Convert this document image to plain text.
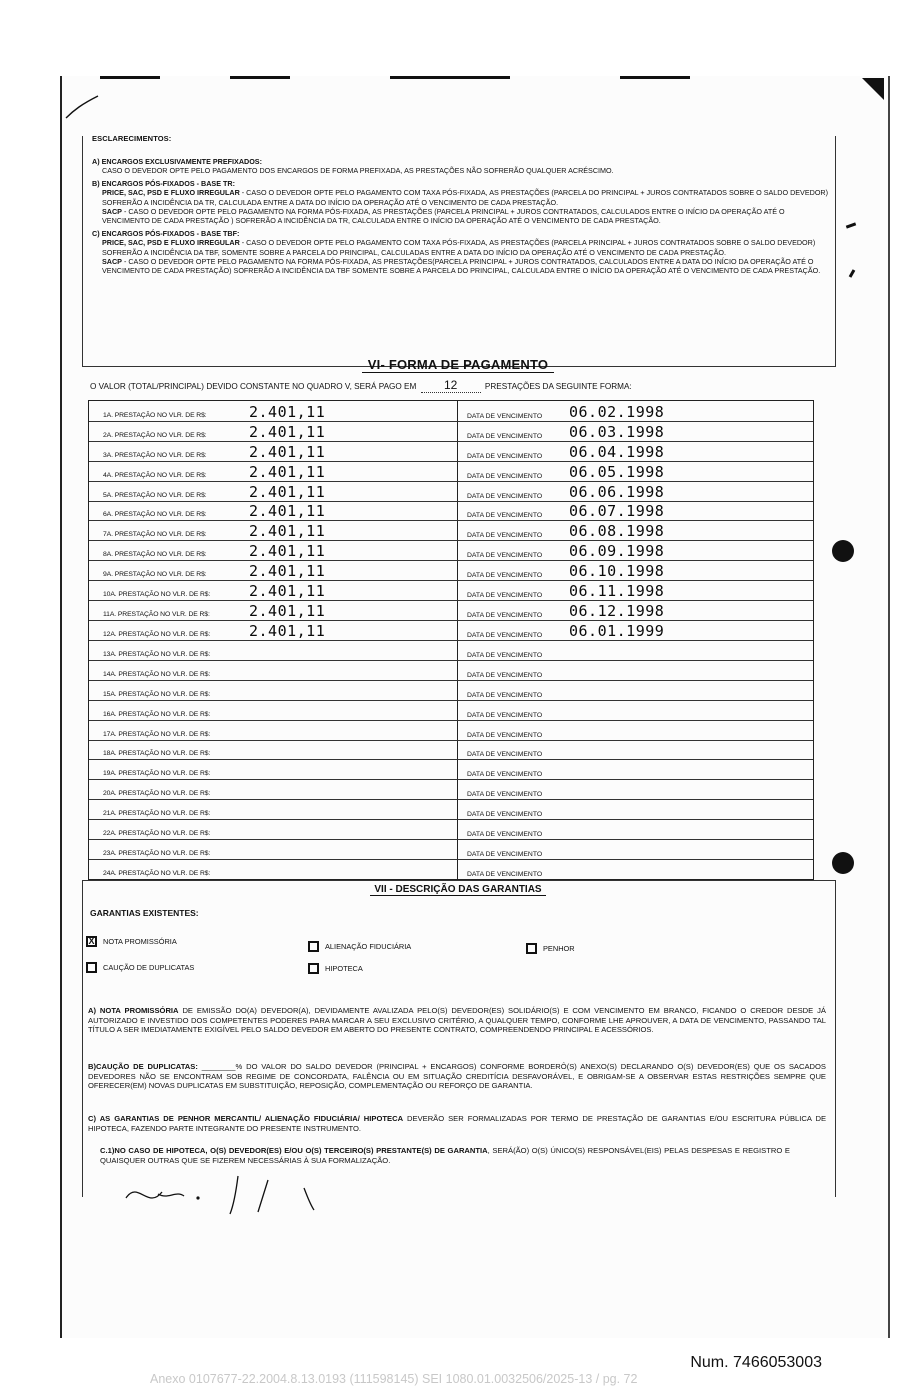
ESCLARECIMENTOS:
A) ENCARGOS EXCLUSIVAMENTE PREFIXADOS:
CASO O DEVEDOR OPTE PELO PAGAMENTO DOS ENCARGOS DE FORMA PREFIXADA, AS PRESTAÇÕES NÃO SOFRERÃO QUALQUER ACRÉSCIMO.
B) ENCARGOS PÓS-FIXADOS - BASE TR:
PRICE, SAC, PSD E FLUXO IRREGULAR - CASO O DEVEDOR OPTE PELO PAGAMENTO COM TAXA PÓS-FIXADA, AS PRESTAÇÕES (PARCELA DO PRINCIPAL + JUROS CONTRATADOS SOBRE O SALDO DEVEDOR) SOFRERÃO A INCIDÊNCIA DA TR, CALCULADA ENTRE A DATA DO INÍCIO DA OPERAÇÃO ATÉ O VENCIMENTO DE CADA PRESTAÇÃO.
SACP - CASO O DEVEDOR OPTE PELO PAGAMENTO NA FORMA PÓS-FIXADA, AS PRESTAÇÕES (PARCELA PRINCIPAL + JUROS CONTRATADOS, CALCULADOS ENTRE O INÍCIO DA OPERAÇÃO ATÉ O VENCIMENTO DE CADA PRESTAÇÃO ) SOFRERÃO A INCIDÊNCIA DA TR, CALCULADA ENTRE O INÍCIO DA OPERAÇÃO ATÉ O VENCIMENTO DE CADA PRESTAÇÃO.
C) ENCARGOS PÓS-FIXADOS - BASE TBF:
PRICE, SAC, PSD E FLUXO IRREGULAR - CASO O DEVEDOR OPTE PELO PAGAMENTO COM TAXA PÓS-FIXADA, AS PRESTAÇÕES (PARCELA PRINCIPAL + JUROS CONTRATADOS SOBRE O SALDO DEVEDOR) SOFRERÃO A INCIDÊNCIA DA TBF, SOMENTE SOBRE A PARCELA DO PRINCIPAL, CALCULADAS ENTRE A DATA DO INÍCIO DA OPERAÇÃO ATÉ O VENCIMENTO DE CADA PRESTAÇÃO.
SACP - CASO O DEVEDOR OPTE PELO PAGAMENTO NA FORMA PÓS-FIXADA, AS PRESTAÇÕES(PARCELA PRINCIPAL + JUROS CONTRATADOS, CALCULADOS ENTRE A DATA DO INÍCIO DA OPERAÇÃO ATÉ O VENCIMENTO DE CADA PRESTAÇÃO) SOFRERÃO A INCIDÊNCIA DA TBF SOMENTE SOBRE A PARCELA DO PRINCIPAL, CALCULADA ENTRE O INÍCIO DA OPERAÇÃO ATÉ O VENCIMENTO DE CADA PRESTAÇÃO.
VI- FORMA DE PAGAMENTO
O VALOR (TOTAL/PRINCIPAL) DEVIDO CONSTANTE NO QUADRO V, SERÁ PAGO EM 12	PRESTAÇÕES DA SEGUINTE FORMA:
1A. PRESTAÇÃO NO VLR. DE R$:	2.401,11	DATA DE VENCIMENTO 06.02.1998
2A. PRESTAÇÃO NO VLR. DE R$:	2.401,11	DATA DE VENCIMENTO 06.03.1998
3A. PRESTAÇÃO NO VLR. DE R$:	2.401,11	DATA DE VENCIMENTO 06.04.1998
4A. PRESTAÇÃO NO VLR. DE R$:	2.401,11	DATA DE VENCIMENTO 06.05.1998
5A. PRESTAÇÃO NO VLR. DE R$:	2.401,11	DATA DE VENCIMENTO 06.06.1998
6A. PRESTAÇÃO NO VLR. DE R$:	2.401,11	DATA DE VENCIMENTO 06.07.1998
7A. PRESTAÇÃO NO VLR. DE R$:	2.401,11	DATA DE VENCIMENTO 06.08.1998
8A. PRESTAÇÃO NO VLR. DE R$:	2.401,11	DATA DE VENCIMENTO 06.09.1998
9A. PRESTAÇÃO NO VLR. DE R$:	2.401,11	DATA DE VENCIMENTO 06.10.1998
10A. PRESTAÇÃO NO VLR. DE R$:	2.401,11	DATA DE VENCIMENTO 06.11.1998
11A. PRESTAÇÃO NO VLR. DE R$:	2.401,11	DATA DE VENCIMENTO 06.12.1998
12A. PRESTAÇÃO NO VLR. DE R$:	2.401,11	DATA DE VENCIMENTO 06.01.1999
13A. PRESTAÇÃO NO VLR. DE R$:	DATA DE VENCIMENTO
14A. PRESTAÇÃO NO VLR. DE R$:	DATA DE VENCIMENTO
15A. PRESTAÇÃO NO VLR. DE R$:	DATA DE VENCIMENTO
16A. PRESTAÇÃO NO VLR. DE R$:	DATA DE VENCIMENTO
17A. PRESTAÇÃO NO VLR. DE R$:	DATA DE VENCIMENTO
18A. PRESTAÇÃO NO VLR. DE R$:	DATA DE VENCIMENTO
19A. PRESTAÇÃO NO VLR. DE R$:	DATA DE VENCIMENTO
20A. PRESTAÇÃO NO VLR. DE R$:	DATA DE VENCIMENTO
21A. PRESTAÇÃO NO VLR. DE R$:	DATA DE VENCIMENTO
22A. PRESTAÇÃO NO VLR. DE R$:	DATA DE VENCIMENTO
23A. PRESTAÇÃO NO VLR. DE R$:	DATA DE VENCIMENTO
24A. PRESTAÇÃO NO VLR. DE R$:	DATA DE VENCIMENTO
VII - DESCRIÇÃO DAS GARANTIAS
GARANTIAS EXISTENTES:
X	NOTA PROMISSÓRIA
ALIENAÇÃO FIDUCIÁRIA	PENHOR
CAUÇÃO DE DUPLICATAS	HIPOTECA
A) NOTA PROMISSÓRIA DE EMISSÃO DO(A) DEVEDOR(A), DEVIDAMENTE AVALIZADA PELO(S) DEVEDOR(ES) SOLIDÁRIO(S) E COM VENCIMENTO EM BRANCO, FICANDO O CREDOR DESDE JÁ AUTORIZADO E INVESTIDO DOS COMPETENTES PODERES PARA MARCAR A SEU EXCLUSIVO CRITÉRIO, A QUALQUER TEMPO, CONFORME LHE APROUVER, A DATA DE VENCIMENTO, PASSANDO TAL TÍTULO A SER IMEDIATAMENTE EXIGÍVEL PELO SALDO DEVEDOR EM ABERTO DO PRESENTE CONTRATO, COMPREENDENDO PRINCIPAL E ACESSÓRIOS.
B)CAUÇÃO DE DUPLICATAS: ________% DO VALOR DO SALDO DEVEDOR (PRINCIPAL + ENCARGOS) CONFORME BORDERÔ(S) ANEXO(S) DECLARANDO O(S) DEVEDOR(ES) QUE OS SACADOS DEVEDORES NÃO SE ENCONTRAM SOB REGIME DE CONCORDATA, FALÊNCIA OU EM SITUAÇÃO CREDITÍCIA DESFAVORÁVEL, E OBRIGAM-SE A OBSERVAR ESTAS RESTRIÇÕES SEMPRE QUE OFERECER(EM) NOVAS DUPLICATAS EM SUBSTITUIÇÃO, REPOSIÇÃO, COMPLEMENTAÇÃO OU REFORÇO DE GARANTIA.
C) AS GARANTIAS DE PENHOR MERCANTIL/ ALIENAÇÃO FIDUCIÁRIA/ HIPOTECA DEVERÃO SER FORMALIZADAS POR TERMO DE PRESTAÇÃO DE GARANTIAS E/OU ESCRITURA PÚBLICA DE HIPOTECA, FAZENDO PARTE INTEGRANTE DO PRESENTE INSTRUMENTO.
C.1)NO CASO DE HIPOTECA, O(S) DEVEDOR(ES) E/OU O(S) TERCEIRO(S) PRESTANTE(S) DE GARANTIA, SERÁ(ÃO) O(S) ÚNICO(S) RESPONSÁVEL(EIS) PELAS DESPESAS E REGISTRO E QUAISQUER OUTRAS QUE SE FIZEREM NECESSÁRIAS À SUA FORMALIZAÇÃO.
Num. 7466053003
Anexo 0107677-22.2004.8.13.0193 (111598145) SEI 1080.01.0032506/2025-13 / pg. 72
